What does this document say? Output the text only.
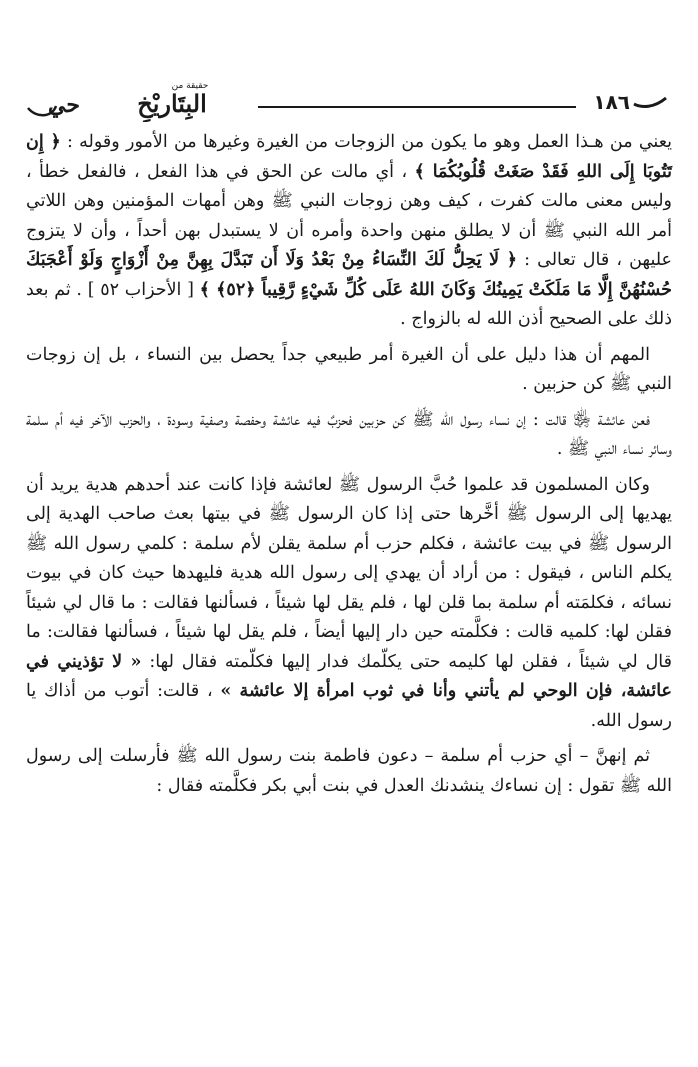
١٨٦
حقيقة من
البِتَاريْخِ
حي

يعني من هـذا العمل وهو ما يكون من الزوجات من الغيرة وغيرها من الأمور وقوله : ﴿ إِن تَتُوبَا إِلَى اللهِ فَقَدْ صَغَتْ قُلُوبُكُمَا ﴾ ، أي مالت عن الحق في هذا الفعل ، فالفعل خطأ ، وليس معنى مالت كفرت ، كيف وهن زوجات النبي ﷺ وهن أمهات المؤمنين وهن اللاتي أمر الله النبي ﷺ أن لا يطلق منهن واحدة وأمره أن لا يستبدل بهن أحداً ، وأن لا يتزوج عليهن ، قال تعالى : ﴿ لَا يَحِلُّ لَكَ النِّسَاءُ مِنْ بَعْدُ وَلَا أَن تَبَدَّلَ بِهِنَّ مِنْ أَزْوَاجٍ وَلَوْ أَعْجَبَكَ حُسْنُهُنَّ إِلَّا مَا مَلَكَتْ يَمِينُكَ وَكَانَ اللهُ عَلَى كُلِّ شَيْءٍ رَّقِيباً ﴿٥٢﴾ ﴾ [ الأحزاب ٥٢ ] . ثم بعد ذلك على الصحيح أذن الله له بالزواج .

المهم أن هذا دليل على أن الغيرة أمر طبيعي جداً يحصل بين النساء ، بل إن زوجات النبي ﷺ كن حزبين .

فعن عائشة ﵂ قالت : إن نساء رسول الله ﷺ كن حزبين فحزبٌ فيه عائشة وحفصة وصفية وسودة ، والحزب الآخر فيه أم سلمة وسائر نساء النبي ﷺ .

وكان المسلمون قد علموا حُبَّ الرسول ﷺ لعائشة فإذا كانت عند أحدهم هدية يريد أن يهديها إلى الرسول ﷺ أخَّرها حتى إذا كان الرسول ﷺ في بيتها بعث صاحب الهدية إلى الرسول ﷺ في بيت عائشة ، فكلم حزب أم سلمة يقلن لأم سلمة : كلمي رسول الله ﷺ يكلم الناس ، فيقول : من أراد أن يهدي إلى رسول الله هدية فليهدها حيث كان في بيوت نسائه ، فكلمَته أم سلمة بما قلن لها ، فلم يقل لها شيئاً ، فسألنها فقالت : ما قال لي شيئاً فقلن لها: كلميه قالت : فكلَّمته حين دار إليها أيضاً ، فلم يقل لها شيئاً ، فسألنها فقالت: ما قال لي شيئاً ، فقلن لها كليمه حتى يكلّمك فدار إليها فكلّمته فقال لها: « لا تؤذيني في عائشة، فإن الوحي لم يأتني وأنا في ثوب امرأة إلا عائشة » ، قالت: أتوب من أذاك يا رسول الله.

ثم إنهنَّ – أي حزب أم سلمة – دعون فاطمة بنت رسول الله ﷺ فأرسلت إلى رسول الله ﷺ تقول : إن نساءك ينشدنك العدل في بنت أبي بكر فكلَّمته فقال :
